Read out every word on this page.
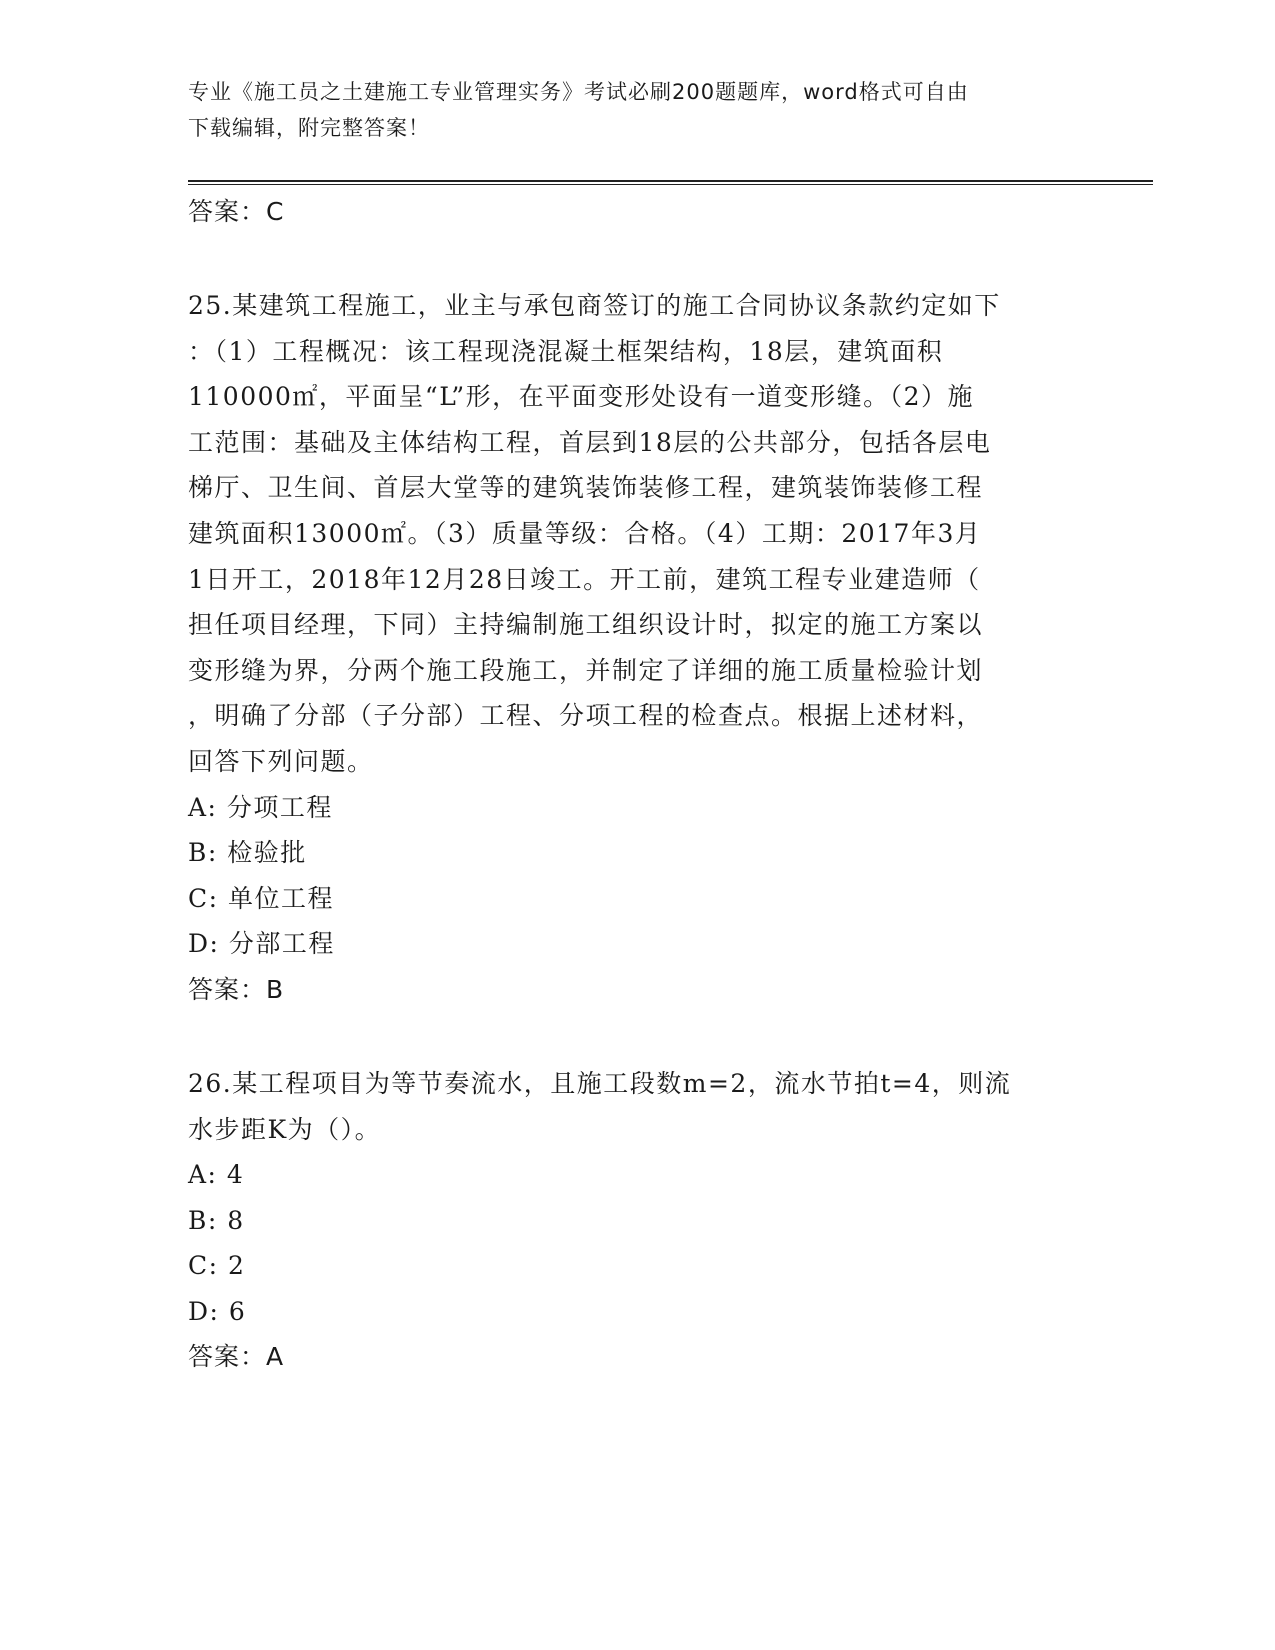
专业《施工员之土建施工专业管理实务》考试必刷200题题库，word格式可自由
下载编辑，附完整答案！
答案：C
25.某建筑工程施工，业主与承包商签订的施工合同协议条款约定如下
：（1）工程概况：该工程现浇混凝土框架结构，18层，建筑面积
110000㎡，平面呈“L”形，在平面变形处设有一道变形缝。（2）施
工范围：基础及主体结构工程，首层到18层的公共部分，包括各层电
梯厅、卫生间、首层大堂等的建筑装饰装修工程，建筑装饰装修工程
建筑面积13000㎡。（3）质量等级：合格。（4）工期：2017年3月
1日开工，2018年12月28日竣工。开工前，建筑工程专业建造师（
担任项目经理，下同）主持编制施工组织设计时，拟定的施工方案以
变形缝为界，分两个施工段施工，并制定了详细的施工质量检验计划
，明确了分部（子分部）工程、分项工程的检查点。根据上述材料，
回答下列问题。
A: 分项工程
B: 检验批
C: 单位工程
D: 分部工程
答案：B
26.某工程项目为等节奏流水，且施工段数m=2，流水节拍t=4，则流
水步距K为（）。
A: 4
B: 8
C: 2
D: 6
答案：A
